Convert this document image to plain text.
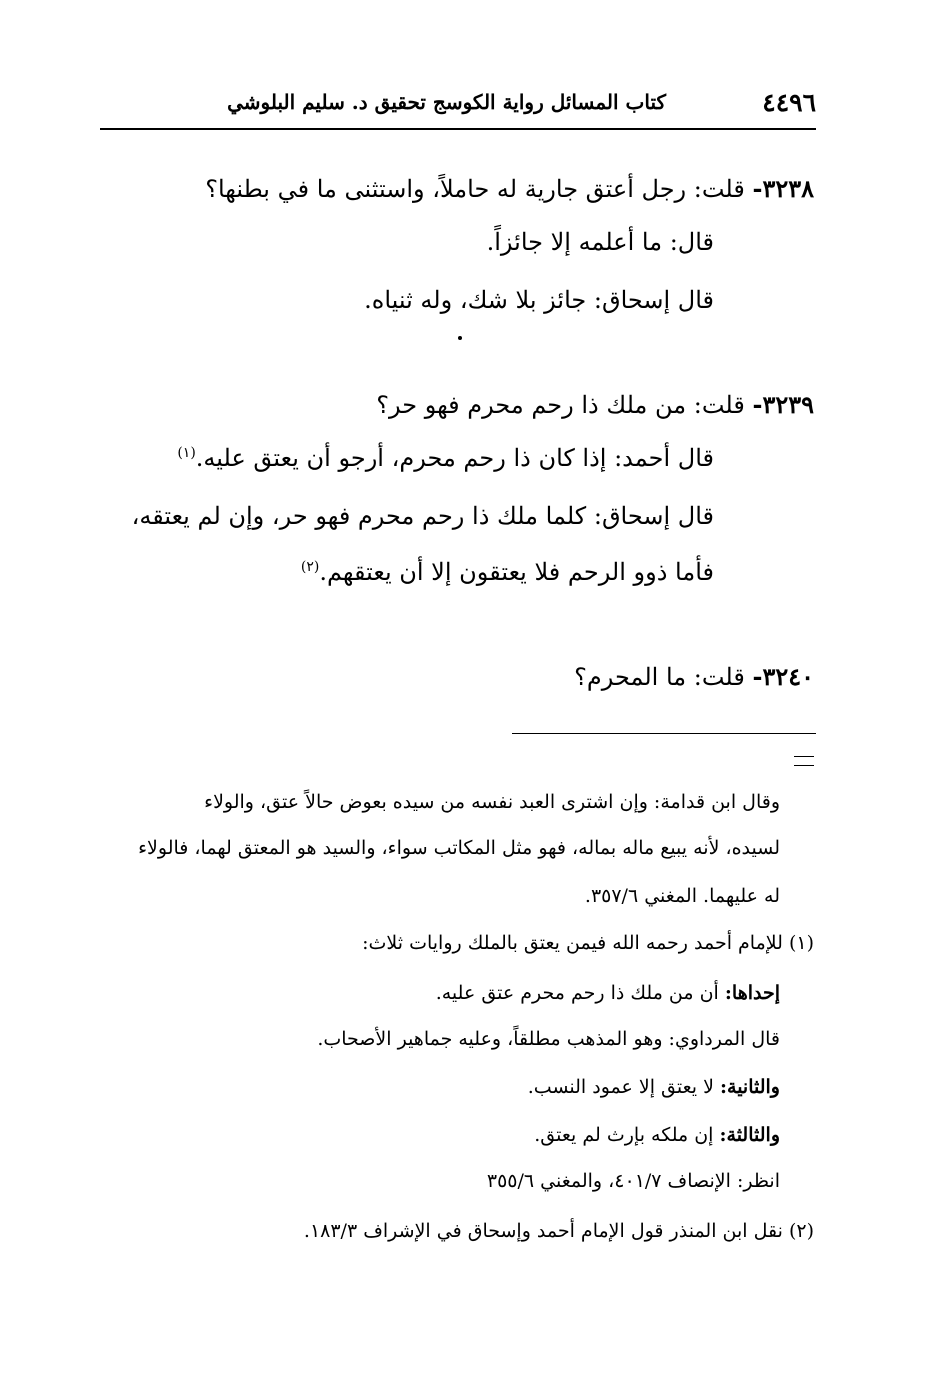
٤٤٩٦
كتاب المسائل رواية الكوسج تحقيق د. سليم البلوشي
٣٢٣٨- قلت: رجل أعتق جارية له حاملاً، واستثنى ما في بطنها؟
قال: ما أعلمه إلا جائزاً.
قال إسحاق: جائز بلا شك، وله ثنياه.
٣٢٣٩- قلت: من ملك ذا رحم محرم فهو حر؟
قال أحمد: إذا كان ذا رحم محرم، أرجو أن يعتق عليه.$^{(١)}$
قال إسحاق: كلما ملك ذا رحم محرم فهو حر، وإن لم يعتقه،
فأما ذوو الرحم فلا يعتقون إلا أن يعتقهم.$^{(٢)}$
٣٢٤٠- قلت: ما المحرم؟
وقال ابن قدامة: وإن اشترى العبد نفسه من سيده بعوض حالاً عتق، والولاء
لسيده، لأنه يبيع ماله بماله، فهو مثل المكاتب سواء، والسيد هو المعتق لهما، فالولاء
له عليهما. المغني ٣٥٧/٦.
(١) للإمام أحمد رحمه الله فيمن يعتق بالملك روايات ثلاث:
إحداها: أن من ملك ذا رحم محرم عتق عليه.
قال المرداوي: وهو المذهب مطلقاً، وعليه جماهير الأصحاب.
والثانية: لا يعتق إلا عمود النسب.
والثالثة: إن ملكه بإرث لم يعتق.
انظر: الإنصاف ٤٠١/٧، والمغني ٣٥٥/٦
(٢) نقل ابن المنذر قول الإمام أحمد وإسحاق في الإشراف ١٨٣/٣.
